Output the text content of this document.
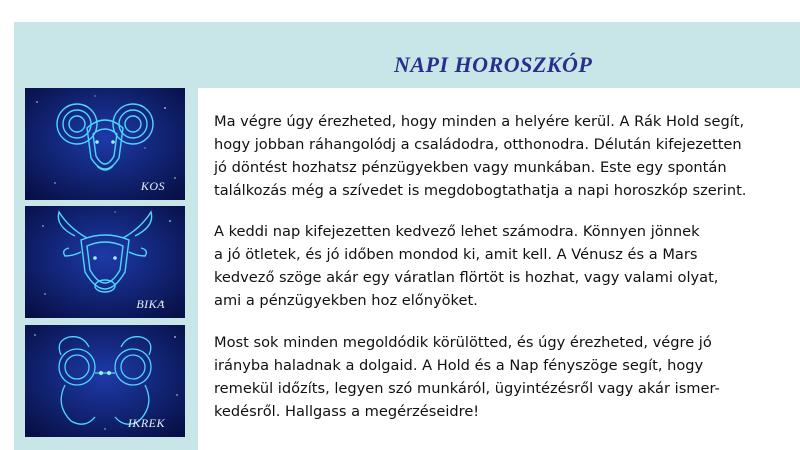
NAPI HOROSZKÓP
KOS
BIKA
IKREK
Ma végre úgy érezheted, hogy minden a helyére kerül. A Rák Hold segít,
hogy jobban ráhangolódj a családodra, otthonodra. Délután kifejezetten
jó döntést hozhatsz pénzügyekben vagy munkában. Este egy spontán
találkozás még a szívedet is megdobogtathatja a napi horoszkóp szerint.
A keddi nap kifejezetten kedvező lehet számodra. Könnyen jönnek
a jó ötletek, és jó időben mondod ki, amit kell. A Vénusz és a Mars
kedvező szöge akár egy váratlan flörtöt is hozhat, vagy valami olyat,
ami a pénzügyekben hoz előnyöket.
Most sok minden megoldódik körülötted, és úgy érezheted, végre jó
irányba haladnak a dolgaid. A Hold és a Nap fényszöge segít, hogy
remekül időzíts, legyen szó munkáról, ügyintézésről vagy akár ismer-
kedésről. Hallgass a megérzéseidre!
